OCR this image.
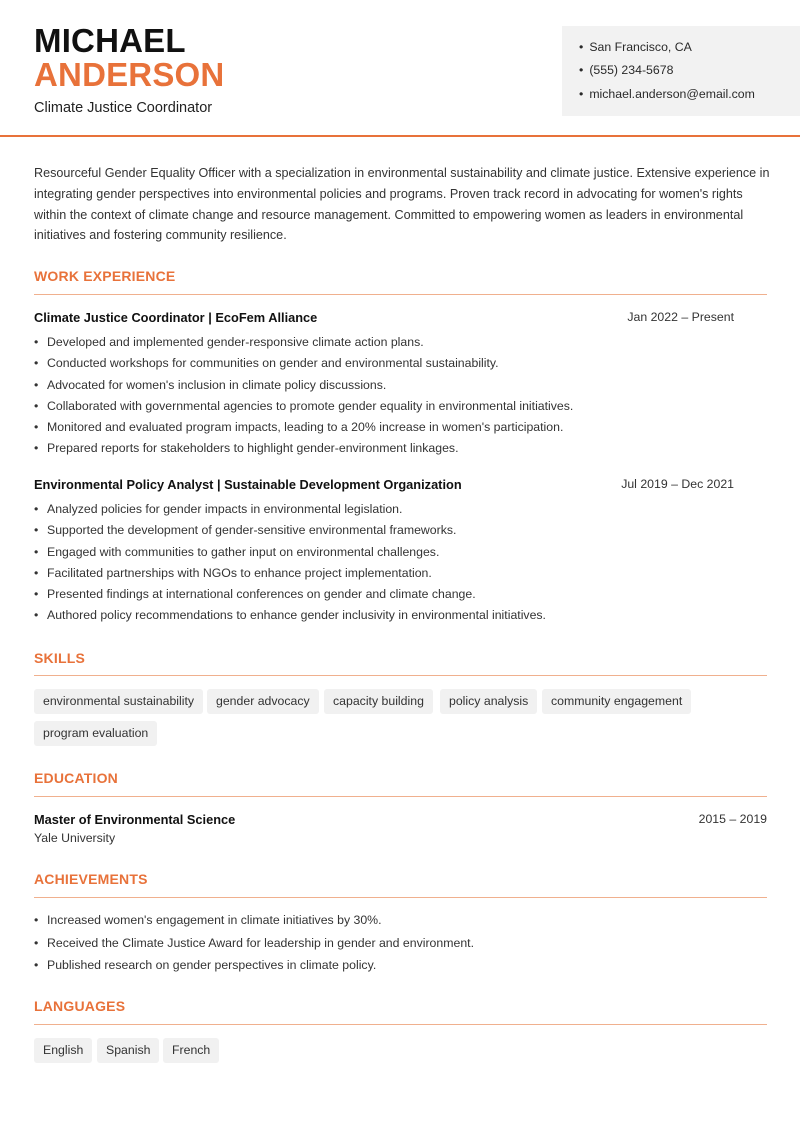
MICHAEL
ANDERSON
Climate Justice Coordinator
• San Francisco, CA
• (555) 234-5678
• michael.anderson@email.com
Resourceful Gender Equality Officer with a specialization in environmental sustainability and climate justice. Extensive experience in integrating gender perspectives into environmental policies and programs. Proven track record in advocating for women's rights within the context of climate change and resource management. Committed to empowering women as leaders in environmental initiatives and fostering community resilience.
WORK EXPERIENCE
Climate Justice Coordinator | EcoFem Alliance	Jan 2022 – Present
• Developed and implemented gender-responsive climate action plans.
• Conducted workshops for communities on gender and environmental sustainability.
• Advocated for women's inclusion in climate policy discussions.
• Collaborated with governmental agencies to promote gender equality in environmental initiatives.
• Monitored and evaluated program impacts, leading to a 20% increase in women's participation.
• Prepared reports for stakeholders to highlight gender-environment linkages.
Environmental Policy Analyst | Sustainable Development Organization	Jul 2019 – Dec 2021
• Analyzed policies for gender impacts in environmental legislation.
• Supported the development of gender-sensitive environmental frameworks.
• Engaged with communities to gather input on environmental challenges.
• Facilitated partnerships with NGOs to enhance project implementation.
• Presented findings at international conferences on gender and climate change.
• Authored policy recommendations to enhance gender inclusivity in environmental initiatives.
SKILLS
environmental sustainability	gender advocacy	capacity building	policy analysis	community engagement
program evaluation
EDUCATION
Master of Environmental Science	2015 – 2019
Yale University
ACHIEVEMENTS
• Increased women's engagement in climate initiatives by 30%.
• Received the Climate Justice Award for leadership in gender and environment.
• Published research on gender perspectives in climate policy.
LANGUAGES
English	Spanish	French
